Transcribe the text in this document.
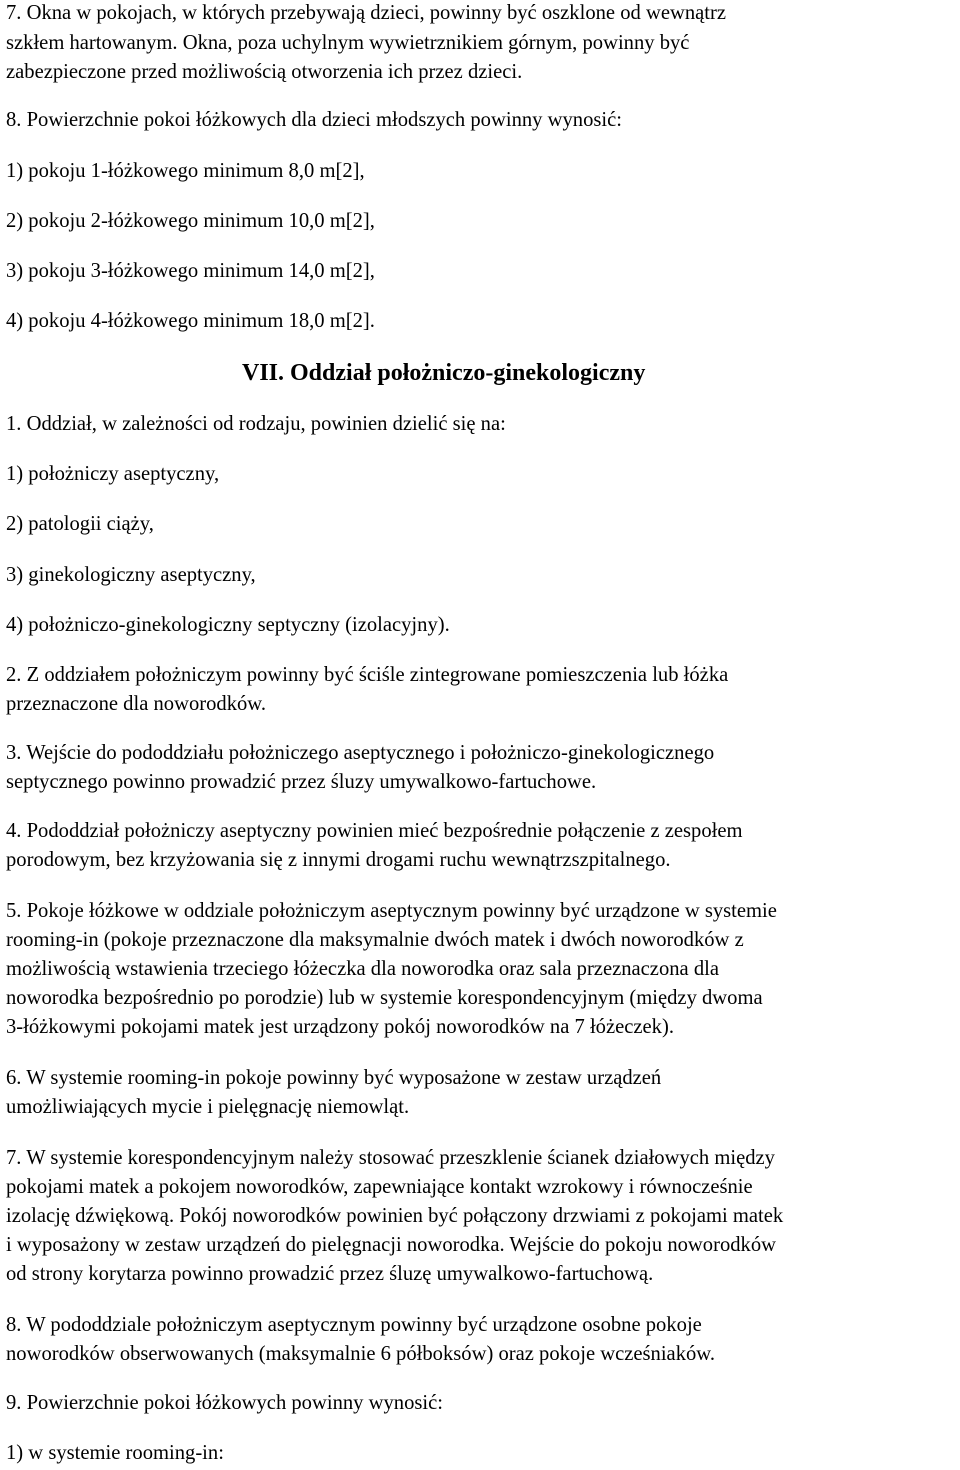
7. Okna w pokojach, w których przebywają dzieci, powinny być oszklone od wewnątrz
szkłem hartowanym. Okna, poza uchylnym wywietrznikiem górnym, powinny być
zabezpieczone przed możliwością otworzenia ich przez dzieci.
8. Powierzchnie pokoi łóżkowych dla dzieci młodszych powinny wynosić:
1) pokoju 1-łóżkowego minimum 8,0 m[2],
2) pokoju 2-łóżkowego minimum 10,0 m[2],
3) pokoju 3-łóżkowego minimum 14,0 m[2],
4) pokoju 4-łóżkowego minimum 18,0 m[2].
VII. Oddział położniczo-ginekologiczny
1. Oddział, w zależności od rodzaju, powinien dzielić się na:
1) położniczy aseptyczny,
2) patologii ciąży,
3) ginekologiczny aseptyczny,
4) położniczo-ginekologiczny septyczny (izolacyjny).
2. Z oddziałem położniczym powinny być ściśle zintegrowane pomieszczenia lub łóżka
przeznaczone dla noworodków.
3. Wejście do pododdziału położniczego aseptycznego i położniczo-ginekologicznego
septycznego powinno prowadzić przez śluzy umywalkowo-fartuchowe.
4. Pododdział położniczy aseptyczny powinien mieć bezpośrednie połączenie z zespołem
porodowym, bez krzyżowania się z innymi drogami ruchu wewnątrzszpitalnego.
5. Pokoje łóżkowe w oddziale położniczym aseptycznym powinny być urządzone w systemie
rooming-in (pokoje przeznaczone dla maksymalnie dwóch matek i dwóch noworodków z
możliwością wstawienia trzeciego łóżeczka dla noworodka oraz sala przeznaczona dla
noworodka bezpośrednio po porodzie) lub w systemie korespondencyjnym (między dwoma
3-łóżkowymi pokojami matek jest urządzony pokój noworodków na 7 łóżeczek).
6. W systemie rooming-in pokoje powinny być wyposażone w zestaw urządzeń
umożliwiających mycie i pielęgnację niemowląt.
7. W systemie korespondencyjnym należy stosować przeszklenie ścianek działowych między
pokojami matek a pokojem noworodków, zapewniające kontakt wzrokowy i równocześnie
izolację dźwiękową. Pokój noworodków powinien być połączony drzwiami z pokojami matek
i wyposażony w zestaw urządzeń do pielęgnacji noworodka. Wejście do pokoju noworodków
od strony korytarza powinno prowadzić przez śluzę umywalkowo-fartuchową.
8. W pododdziale położniczym aseptycznym powinny być urządzone osobne pokoje
noworodków obserwowanych (maksymalnie 6 półboksów) oraz pokoje wcześniaków.
9. Powierzchnie pokoi łóżkowych powinny wynosić:
1) w systemie rooming-in:
